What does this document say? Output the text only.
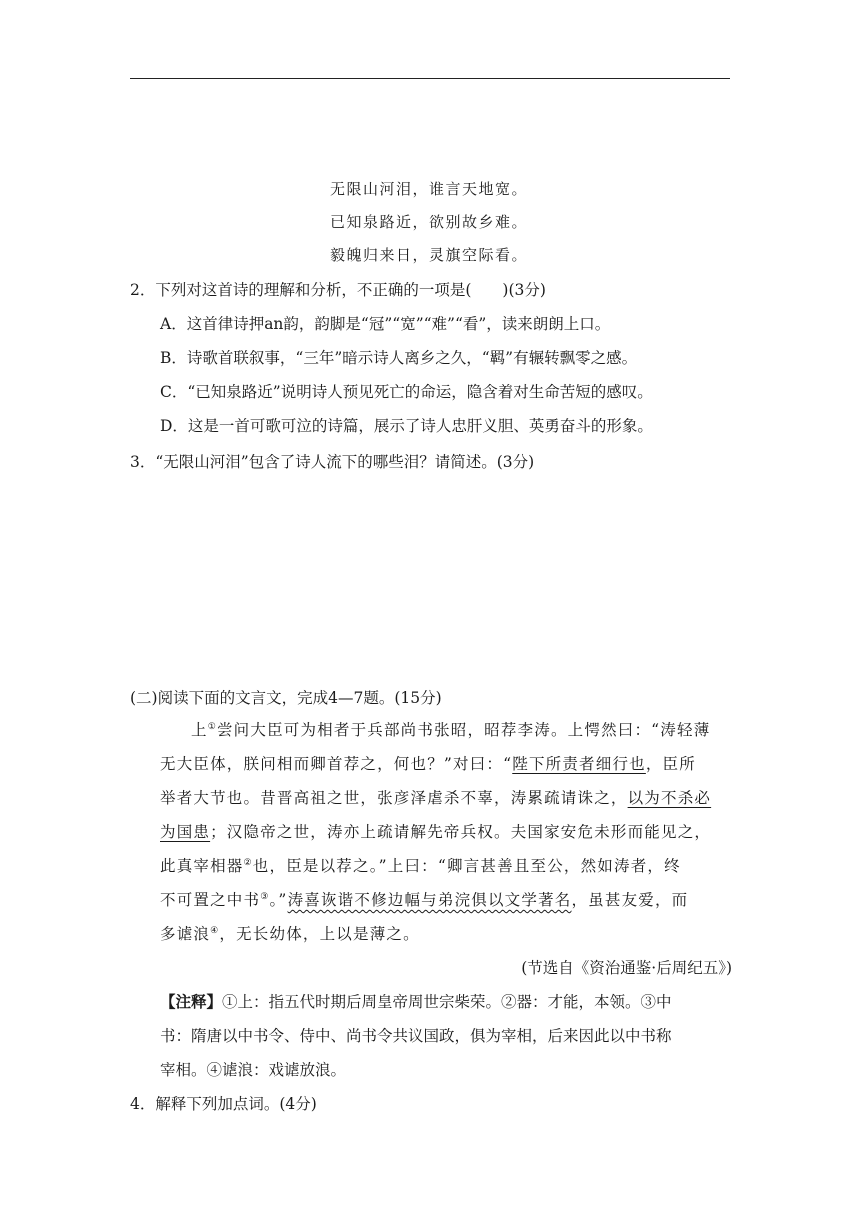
无限山河泪，谁言天地宽。
已知泉路近，欲别故乡难。
毅魄归来日，灵旗空际看。
2．下列对这首诗的理解和分析，不正确的一项是(　　)(3分)
A．这首律诗押an韵，韵脚是“冠”“宽”“难”“看”，读来朗朗上口。
B．诗歌首联叙事，“三年”暗示诗人离乡之久，“羁”有辗转飘零之感。
C．“已知泉路近”说明诗人预见死亡的命运，隐含着对生命苦短的感叹。
D．这是一首可歌可泣的诗篇，展示了诗人忠肝义胆、英勇奋斗的形象。
3．“无限山河泪”包含了诗人流下的哪些泪？请简述。(3分)
(二)阅读下面的文言文，完成4—7题。(15分)
上①尝问大臣可为相者于兵部尚书张昭，昭荐李涛。上愕然曰：“涛轻薄
无大臣体，朕问相而卿首荐之，何也？”对曰：“陛下所责者细行也，臣所
举者大节也。昔晋高祖之世，张彦泽虐杀不辜，涛累疏请诛之，以为不杀必
为国患；汉隐帝之世，涛亦上疏请解先帝兵权。夫国家安危未形而能见之，
此真宰相器②也，臣是以荐之。”上曰：“卿言甚善且至公，然如涛者，终
不可置之中书③。”涛喜诙谐不修边幅与弟浣俱以文学著名，虽甚友爱，而
多谑浪④，无长幼体，上以是薄之。
(节选自《资治通鉴·后周纪五》)
【注释】①上：指五代时期后周皇帝周世宗柴荣。②器：才能，本领。③中
书：隋唐以中书令、侍中、尚书令共议国政，俱为宰相，后来因此以中书称
宰相。④谑浪：戏谑放浪。
4．解释下列加点词。(4分)
